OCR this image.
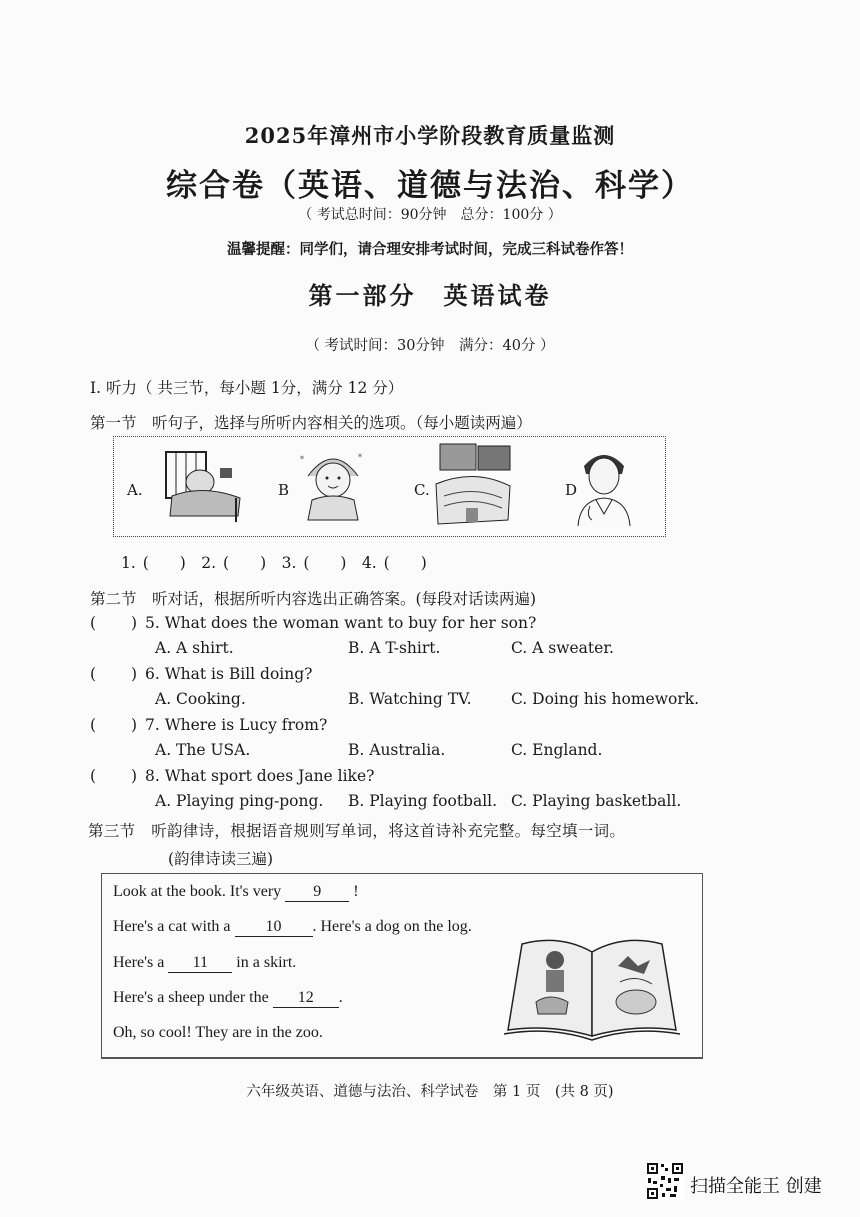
2025年漳州市小学阶段教育质量监测
综合卷（英语、道德与法治、科学）
（ 考试总时间：90分钟　总分：100分 ）
温馨提醒：同学们，请合理安排考试时间，完成三科试卷作答！
第一部分　英语试卷
（ 考试时间：30分钟　满分：40分 ）
I. 听力（ 共三节，每小题 1分，满分 12 分）
第一节　听句子，选择与所听内容相关的选项。（每小题读两遍）
A.	B
*	*
C.	D
1. (　　)　2. (　　)　3. (　　)　4. (　　)
第二节　听对话，根据所听内容选出正确答案。(每段对话读两遍)
( ) 5. What does the woman want to buy for her son?
A. A shirt.	B. A T-shirt.	C. A sweater.
( ) 6. What is Bill doing?
A. Cooking.	B. Watching TV.	C. Doing his homework.
( ) 7. Where is Lucy from?
A. The USA.	B. Australia.	C. England.
( ) 8. What sport does Jane like?
A. Playing ping-pong. B. Playing football. C. Playing basketball.
第三节　听韵律诗，根据语音规则写单词，将这首诗补充完整。每空填一词。
(韵律诗读三遍)
Look at the book. It's very 9 !
Here's a cat with a 10 . Here's a dog on the log.
Here's a 11 in a skirt.
Here's a sheep under the 12 .
Oh, so cool! They are in the zoo.
六年级英语、道德与法治、科学试卷　第 1 页　(共 8 页)
扫描全能王 创建
